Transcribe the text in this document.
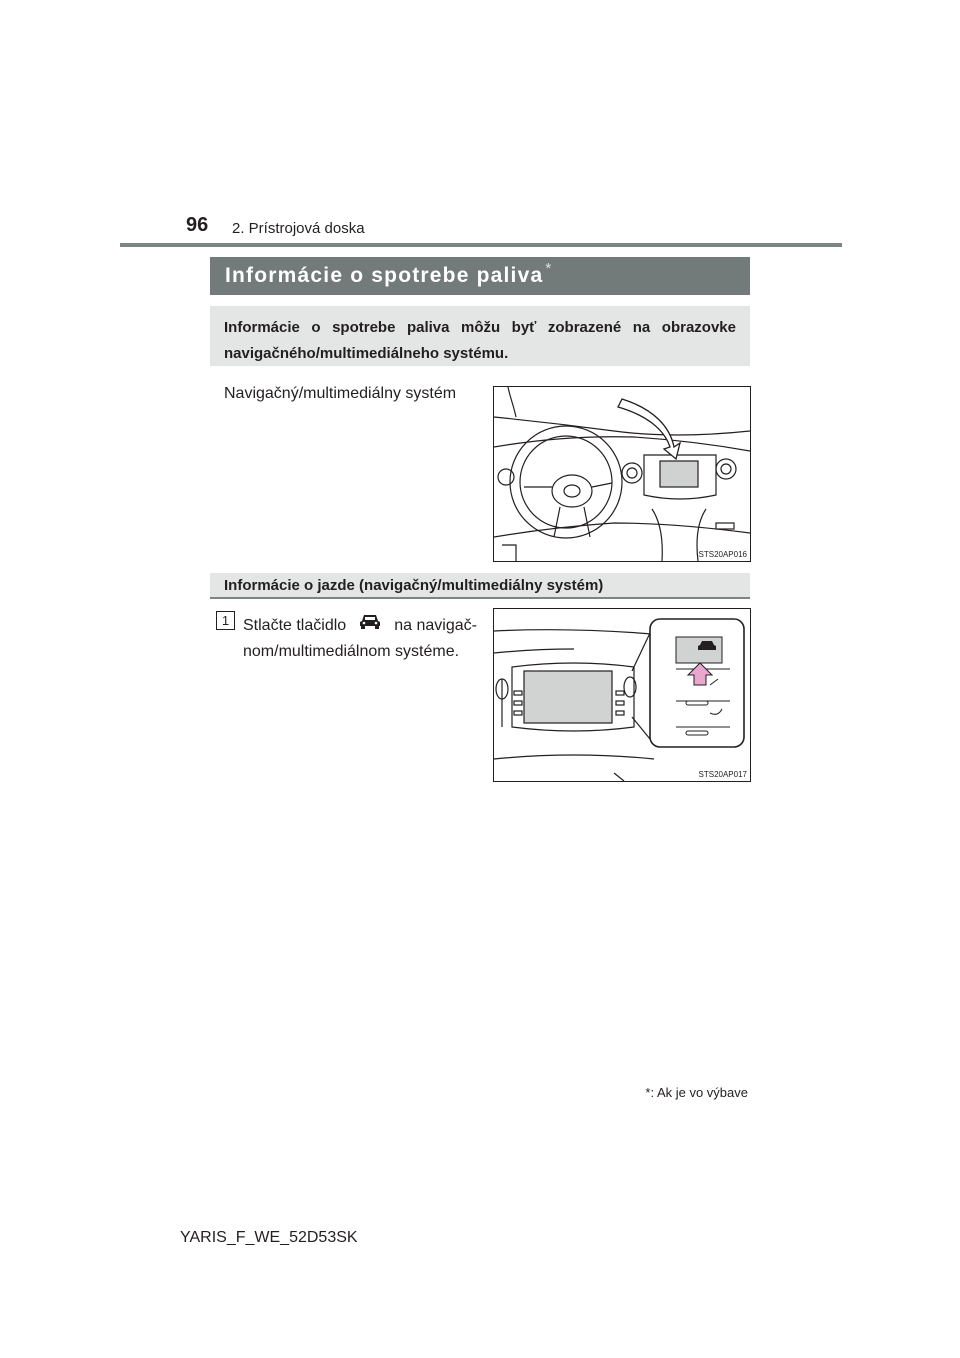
96 2. Prístrojová doska
Informácie o spotrebe paliva *
Informácie o spotrebe paliva môžu byť zobrazené na obrazovke navigačného/multimediálneho systému.
Navigačný/multimediálny systém
STS20AP016
Informácie o jazde (navigačný/multimediálny systém)
1 Stlačte tlačidlo	na navigač-
nom/multimediálnom systéme.
STS20AP017
*: Ak je vo výbave
YARIS_F_WE_52D53SK
